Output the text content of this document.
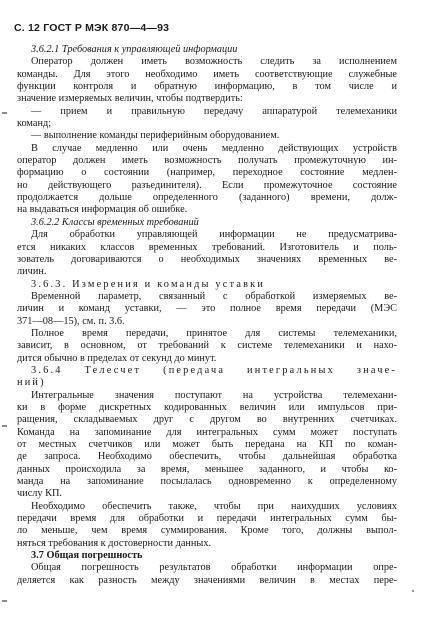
С. 12 ГОСТ Р МЭК 870—4—93
3.6.2.1 Требования к управляющей информации
Оператор должен иметь возможность следить за исполнением
команды. Для этого необходимо иметь соответствующие служебные
функции контроля и обратную информацию, в том числе и
значение измеряемых величин, чтобы подтвердить:
— прием и правильную передачу аппаратурой телемеханики
команд;
— выполнение команды периферийным оборудованием.
В случае медленно или очень медленно действующих устройств
оператор должен иметь возможность получать промежуточную ин-
формацию о состоянии (например, переходное состояние медлен-
но действующего разъединителя). Если промежуточное состояние
продолжается дольше определенного (заданного) времени, долж-
на выдаваться информация об ошибке.
3.6.2.2 Классы временных требований
Для обработки управляющей информации не предусматрива-
ется никаких классов временных требований. Изготовитель и поль-
зователь договариваются о необходимых значениях временных ве-
личин.
3.6.3. Измерения и команды уставки
Временной параметр, связанный с обработкой измеряемых ве-
личин и команд уставки, — это полное время передачи (МЭС
371—08—15), см. п. 3.6.
Полное время передачи, принятое для системы телемеханики,
зависит, в основном, от требований к системе телемеханики и нахо-
дится обычно в пределах от секунд до минут.
3.6.4 Телесчет (передача интегральных значе-
ний)
Интегральные значения поступают на устройства телемехани-
ки в форме дискретных кодированных величин или импульсов при-
ращения, складываемых друг с другом во внутренних счетчиках.
Команда на запоминание для интегральных сумм может поступать
от местных счетчиков или может быть передана на КП по коман-
де запроса. Необходимо обеспечить, чтобы дальнейшая обработка
данных происходила за время, меньшее заданного, и чтобы ко-
манда на запоминание посылалась одновременно к определенному
числу КП.
Необходимо обеспечить также, чтобы при наихудших условиях
передачи время для обработки и передачи интегральных сумм бы-
ло меньше, чем время суммирования. Кроме того, должны выпол-
няться требования к достоверности данных.
3.7 Общая погрешность
Общая погрешность результатов обработки информации опре-
деляется как разность между значениями величин в местах пере-
